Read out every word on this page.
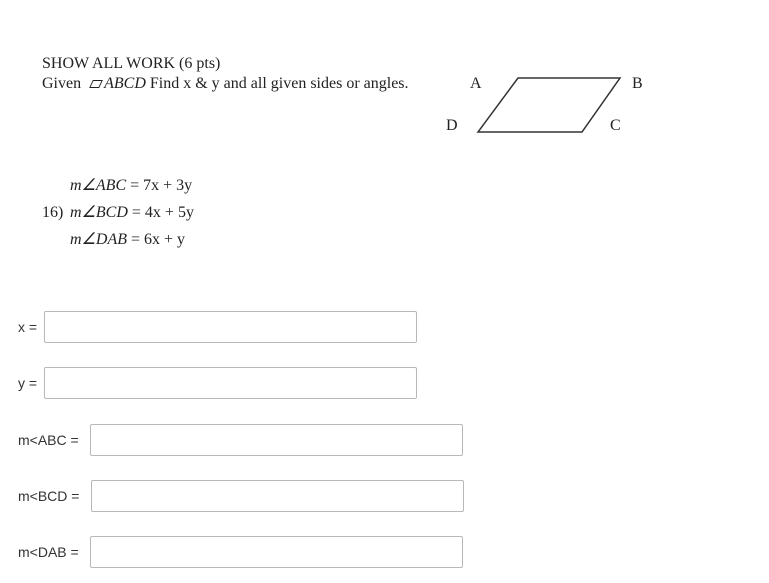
SHOW ALL WORK (6 pts)
Given ABCD Find x & y and all given sides or angles.	A	B
C
D
m∠ABC = 7x + 3y
16) m∠BCD = 4x + 5y
m∠DAB = 6x + y
x =
y =
m<ABC =
m<BCD =
m<DAB =
